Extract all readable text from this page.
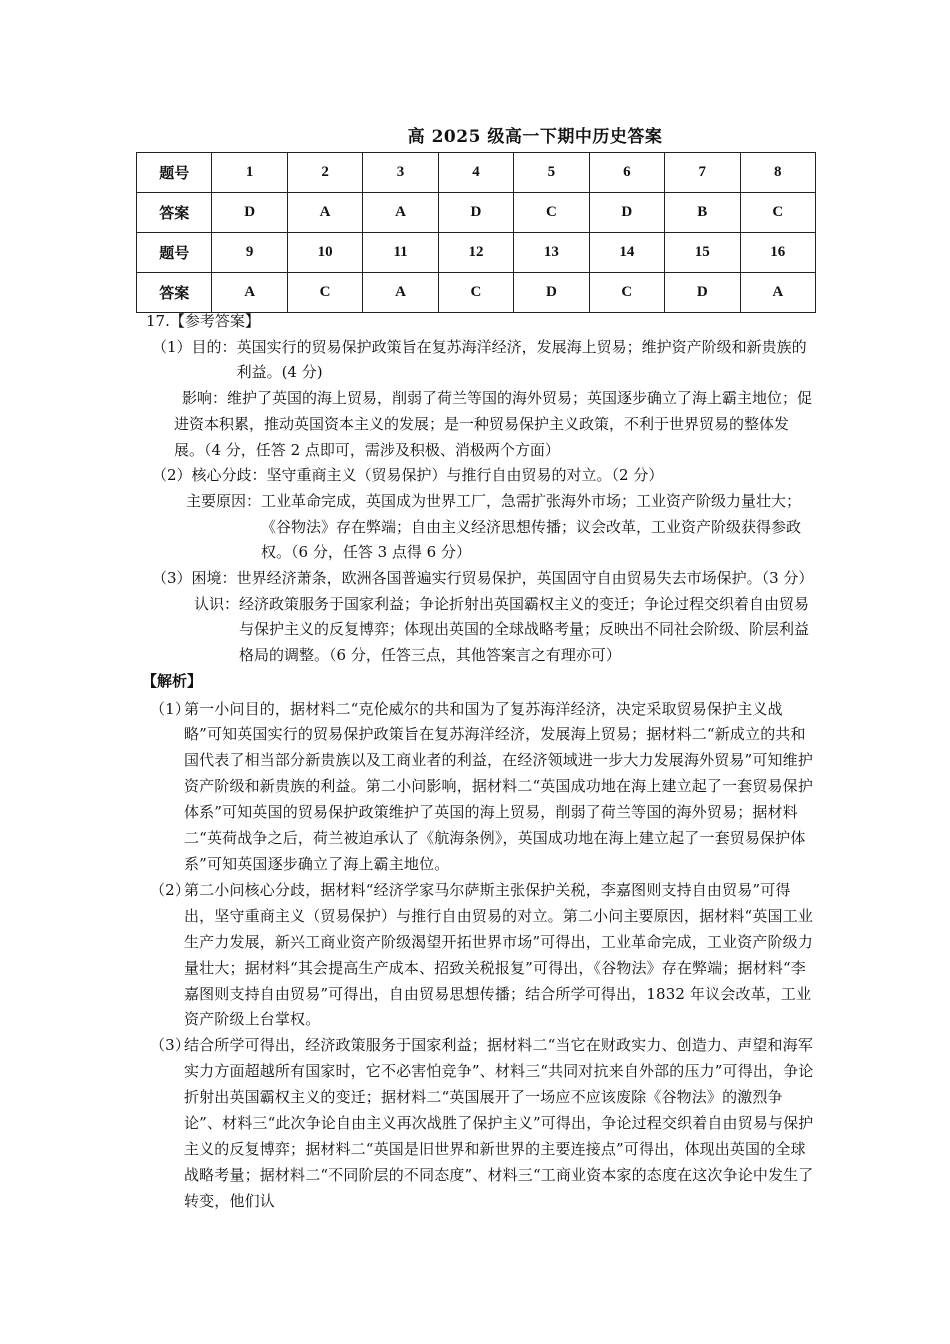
高 2025 级高一下期中历史答案
题号	1	2	3	4	5	6	7	8
答案	D	A	A	D	C	D	B	C
题号	9	10	11	12	13	14	15	16
答案	A	C	A	C	D	C	D	A

17.【参考答案】

（1） 目的： 英国实行的贸易保护政策旨在复苏海洋经济，发展海上贸易；维护资产阶级和新贵族的利益。(4 分)

影响：维护了英国的海上贸易，削弱了荷兰等国的海外贸易；英国逐步确立了海上霸主地位；促进资本积累，推动英国资本主义的发展；是一种贸易保护主义政策，不利于世界贸易的整体发展。（4 分，任答 2 点即可，需涉及积极、消极两个方面）

（2） 核心分歧：坚守重商主义（贸易保护）与推行自由贸易的对立。（2 分）
主要原因： 工业革命完成，英国成为世界工厂，急需扩张海外市场；工业资产阶级力量壮大；《谷物法》存在弊端；自由主义经济思想传播；议会改革，工业资产阶级获得参政权。（6 分，任答 3 点得 6 分）
（3） 困境： 世界经济萧条，欧洲各国普遍实行贸易保护，英国固守自由贸易失去市场保护。（3 分）
认识： 经济政策服务于国家利益；争论折射出英国霸权主义的变迁；争论过程交织着自由贸易与保护主义的反复博弈；体现出英国的全球战略考量；反映出不同社会阶级、阶层利益格局的调整。（6 分，任答三点，其他答案言之有理亦可）

【解析】

（1）
第一小问目的，据材料二“克伦威尔的共和国为了复苏海洋经济，决定采取贸易保护主义战略”可知英国实行的贸易保护政策旨在复苏海洋经济，发展海上贸易；据材料二“新成立的共和国代表了相当部分新贵族以及工商业者的利益，在经济领域进一步大力发展海外贸易”可知维护资产阶级和新贵族的利益。第二小问影响，据材料二“英国成功地在海上建立起了一套贸易保护体系”可知英国的贸易保护政策维护了英国的海上贸易，削弱了荷兰等国的海外贸易；据材料二“英荷战争之后，荷兰被迫承认了《航海条例》，英国成功地在海上建立起了一套贸易保护体系”可知英国逐步确立了海上霸主地位。
（2）
第二小问核心分歧，据材料“经济学家马尔萨斯主张保护关税，李嘉图则支持自由贸易”可得出，坚守重商主义（贸易保护）与推行自由贸易的对立。第二小问主要原因，据材料“英国工业生产力发展，新兴工商业资产阶级渴望开拓世界市场”可得出，工业革命完成，工业资产阶级力量壮大；据材料“其会提高生产成本、招致关税报复”可得出，《谷物法》存在弊端；据材料“李嘉图则支持自由贸易”可得出，自由贸易思想传播；结合所学可得出，1832 年议会改革，工业资产阶级上台掌权。
（3）
结合所学可得出，经济政策服务于国家利益；据材料二“当它在财政实力、创造力、声望和海军实力方面超越所有国家时，它不必害怕竞争”、材料三“共同对抗来自外部的压力”可得出，争论折射出英国霸权主义的变迁；据材料二“英国展开了一场应不应该废除《谷物法》的激烈争论”、材料三“此次争论自由主义再次战胜了保护主义”可得出，争论过程交织着自由贸易与保护主义的反复博弈；据材料二“英国是旧世界和新世界的主要连接点”可得出，体现出英国的全球战略考量；据材料二“不同阶层的不同态度”、材料三“工商业资本家的态度在这次争论中发生了转变，他们认
